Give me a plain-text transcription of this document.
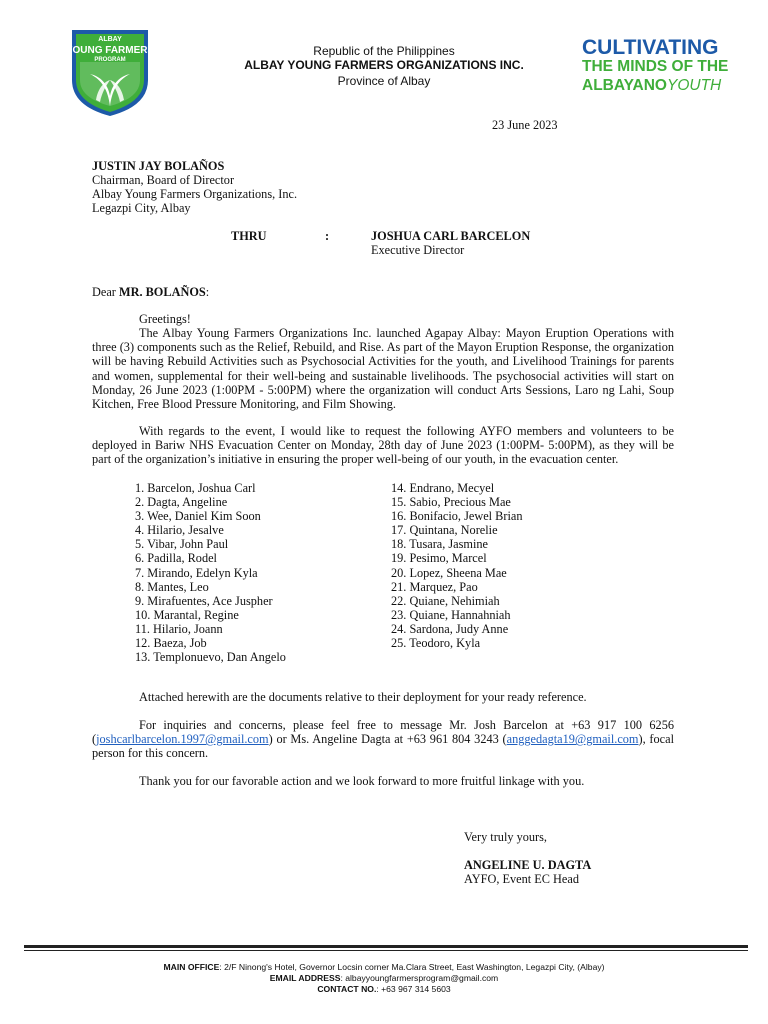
ALBAY
YOUNG FARMERS
PROGRAM
Republic of the Philippines
ALBAY YOUNG FARMERS ORGANIZATIONS INC.
Province of Albay
CULTIVATING
THE MINDS OF THE
ALBAYANOYOUTH
23 June 2023
JUSTIN JAY BOLAÑOS
Chairman, Board of Director
Albay Young Farmers Organizations, Inc.
Legazpi City, Albay
THRU	:	JOSHUA CARL BARCELON
Executive Director
Dear MR. BOLAÑOS:
Greetings!
The Albay Young Farmers Organizations Inc. launched Agapay Albay: Mayon Eruption Operations with three (3) components such as the Relief, Rebuild, and Rise. As part of the Mayon Eruption Response, the organization will be having Rebuild Activities such as Psychosocial Activities for the youth, and Livelihood Trainings for parents and women, supplemental for their well-being and sustainable livelihoods. The psychosocial activities will start on Monday, 26 June 2023 (1:00PM - 5:00PM) where the organization will conduct Arts Sessions, Laro ng Lahi, Soup Kitchen, Free Blood Pressure Monitoring, and Film Showing.
With regards to the event, I would like to request the following AYFO members and volunteers to be deployed in Bariw NHS Evacuation Center on Monday, 28th day of June 2023 (1:00PM- 5:00PM), as they will be part of the organization’s initiative in ensuring the proper well-being of our youth, in the evacuation center.
1. Barcelon, Joshua Carl
2. Dagta, Angeline
3. Wee, Daniel Kim Soon
4. Hilario, Jesalve
5. Vibar, John Paul
6. Padilla, Rodel
7. Mirando, Edelyn Kyla
8. Mantes, Leo
9. Mirafuentes, Ace Juspher
10. Marantal, Regine
11. Hilario, Joann
12. Baeza, Job
13. Templonuevo, Dan Angelo
14. Endrano, Mecyel
15. Sabio, Precious Mae
16. Bonifacio, Jewel Brian
17. Quintana, Norelie
18. Tusara, Jasmine
19. Pesimo, Marcel
20. Lopez, Sheena Mae
21. Marquez, Pao
22. Quiane, Nehimiah
23. Quiane, Hannahniah
24. Sardona, Judy Anne
25. Teodoro, Kyla
Attached herewith are the documents relative to their deployment for your ready reference.
For inquiries and concerns, please feel free to message Mr. Josh Barcelon at +63 917 100 6256 (joshcarlbarcelon.1997@gmail.com) or Ms. Angeline Dagta at +63 961 804 3243 (anggedagta19@gmail.com), focal person for this concern.
Thank you for our favorable action and we look forward to more fruitful linkage with you.
Very truly yours,
ANGELINE U. DAGTA
AYFO, Event EC Head
MAIN OFFICE: 2/F Ninong's Hotel, Governor Locsin corner Ma.Clara Street, East Washington, Legazpi City, (Albay)
EMAIL ADDRESS: albayyoungfarmersprogram@gmail.com
CONTACT NO.: +63 967 314 5603
